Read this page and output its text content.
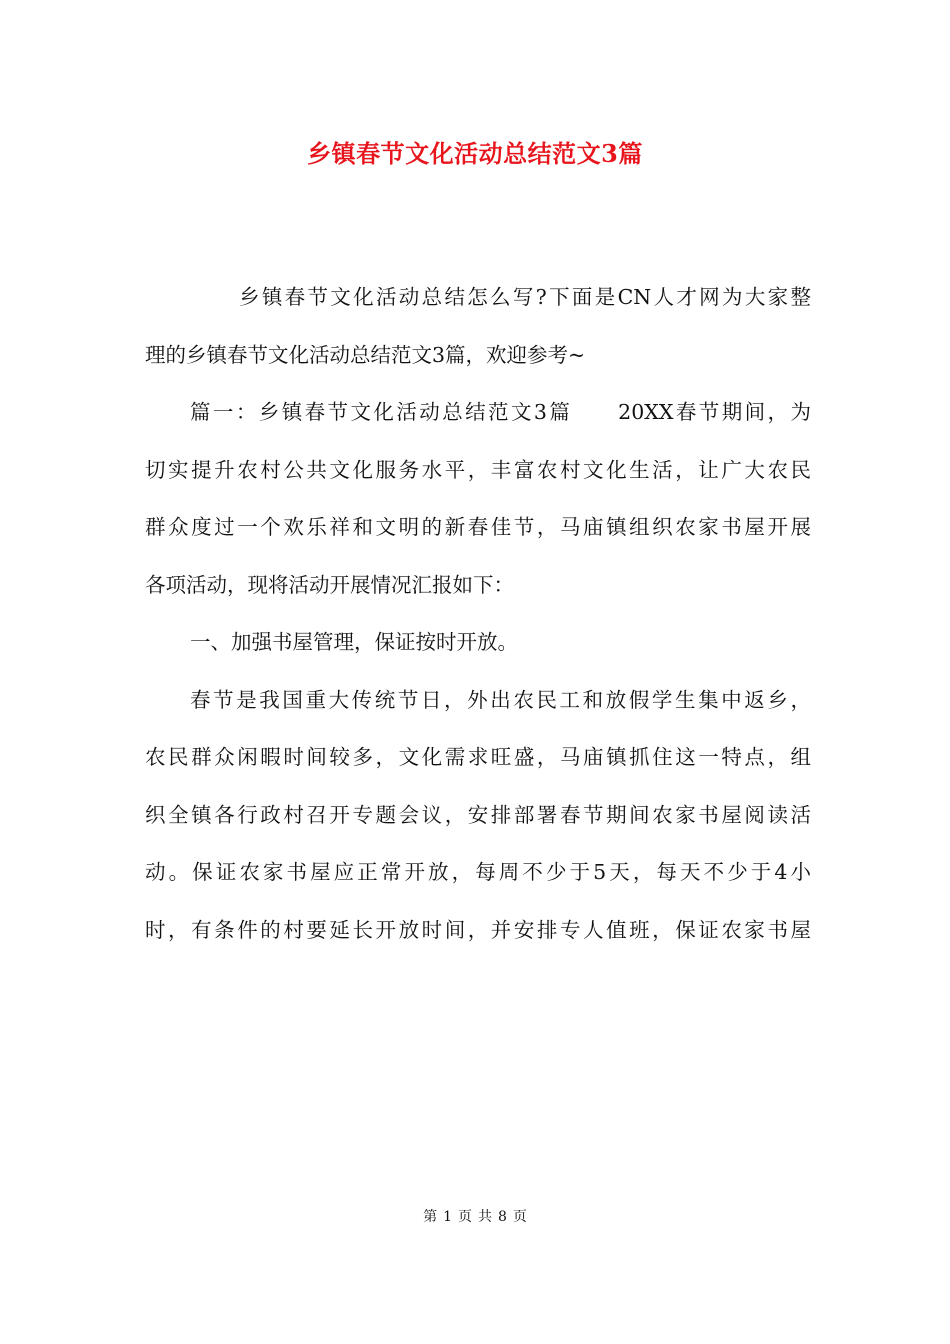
乡镇春节文化活动总结范文3篇
乡镇春节文化活动总结怎么写?下面是CN人才网为大家整
理的乡镇春节文化活动总结范文3篇，欢迎参考~
篇一：乡镇春节文化活动总结范文3篇　　20XX春节期间，为
切实提升农村公共文化服务水平，丰富农村文化生活，让广大农民
群众度过一个欢乐祥和文明的新春佳节，马庙镇组织农家书屋开展
各项活动，现将活动开展情况汇报如下：
一、加强书屋管理，保证按时开放。
春节是我国重大传统节日，外出农民工和放假学生集中返乡，
农民群众闲暇时间较多，文化需求旺盛，马庙镇抓住这一特点，组
织全镇各行政村召开专题会议，安排部署春节期间农家书屋阅读活
动。保证农家书屋应正常开放，每周不少于5天，每天不少于4小
时，有条件的村要延长开放时间，并安排专人值班，保证农家书屋
第 1 页 共 8 页
